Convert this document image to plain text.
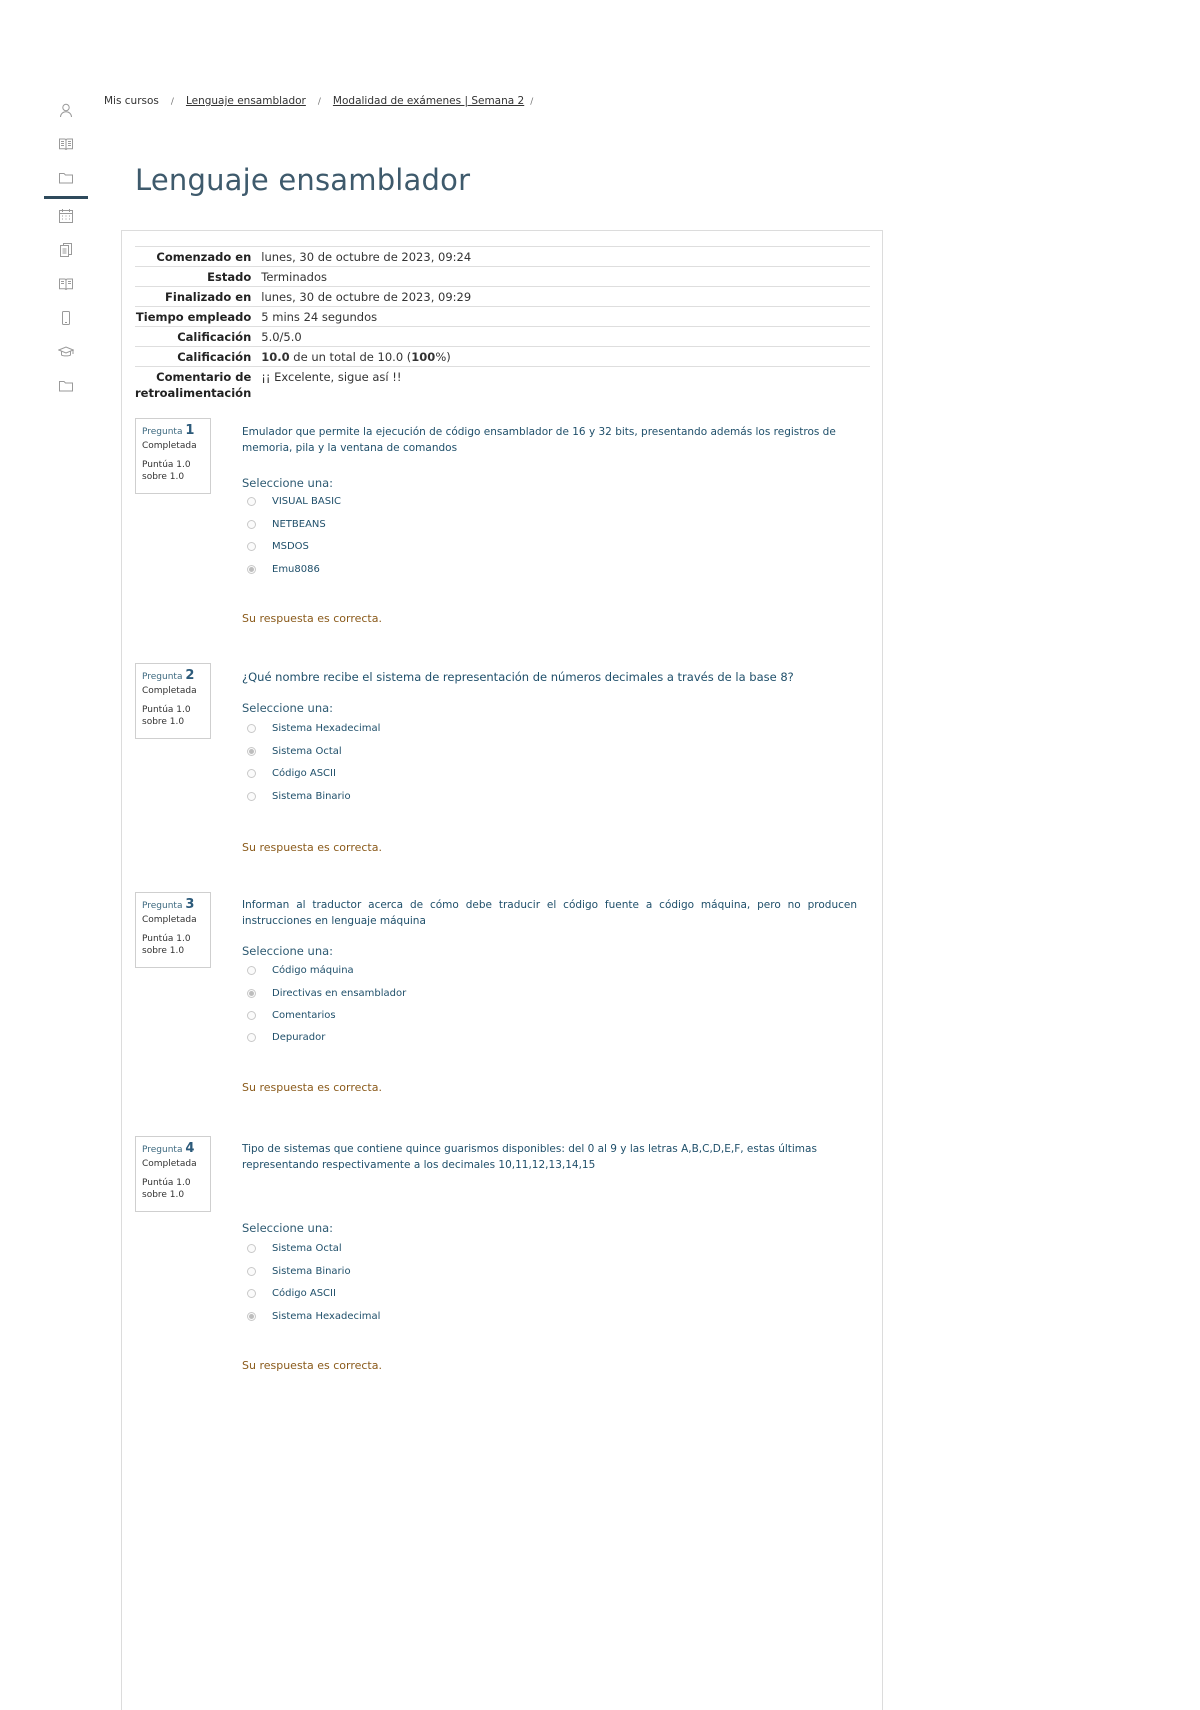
Mis cursos / Lenguaje ensamblador / Modalidad de exámenes | Semana 2 /
Lenguaje ensamblador
Comenzado en	lunes, 30 de octubre de 2023, 09:24
Estado	Terminados
Finalizado en	lunes, 30 de octubre de 2023, 09:29
Tiempo empleado	5 mins 24 segundos
Calificación	5.0/5.0
Calificación	10.0 de un total de 10.0 (100%)
Comentario de retroalimentación	¡¡ Excelente, sigue así !!
Pregunta 1
Completada
Puntúa 1.0
sobre 1.0

Emulador que permite la ejecución de código ensamblador de 16 y 32 bits, presentando además los registros de memoria, pila y la ventana de comandos

Seleccione una:

VISUAL BASIC
NETBEANS
MSDOS
Emu8086

Su respuesta es correcta.

Pregunta 2
Completada
Puntúa 1.0
sobre 1.0

¿Qué nombre recibe el sistema de representación de números decimales a través de la base 8?

Seleccione una:

Sistema Hexadecimal
Sistema Octal
Código ASCII
Sistema Binario

Su respuesta es correcta.

Pregunta 3
Completada
Puntúa 1.0
sobre 1.0

Informan al traductor acerca de cómo debe traducir el código fuente a código máquina, pero no producen instrucciones en lenguaje máquina

Seleccione una:

Código máquina
Directivas en ensamblador
Comentarios
Depurador

Su respuesta es correcta.

Pregunta 4
Completada
Puntúa 1.0
sobre 1.0

Tipo de sistemas que contiene quince guarismos disponibles: del 0 al 9 y las letras A,B,C,D,E,F, estas últimas representando respectivamente a los decimales 10,11,12,13,14,15

Seleccione una:

Sistema Octal
Sistema Binario
Código ASCII
Sistema Hexadecimal

Su respuesta es correcta.
